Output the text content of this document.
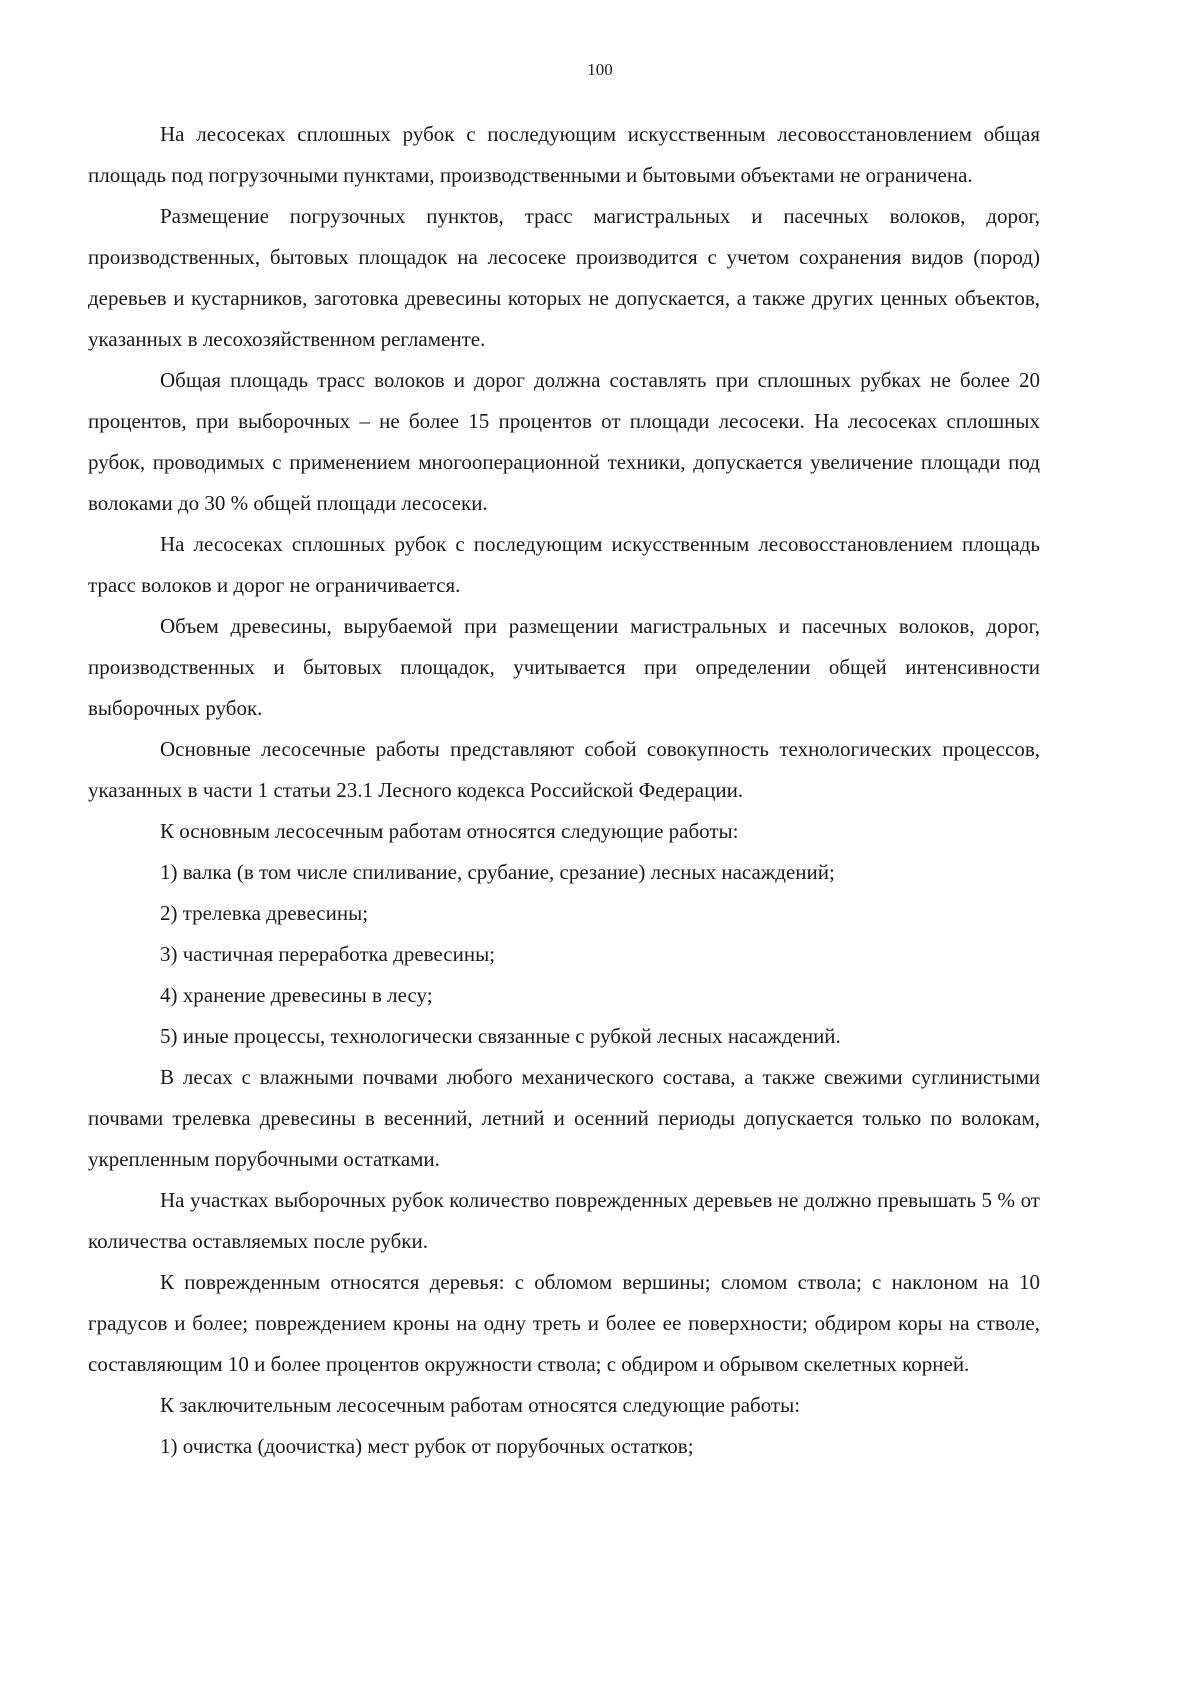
100

На лесосеках сплошных рубок с последующим искусственным лесовосстановлением общая площадь под погрузочными пунктами, производственными и бытовыми объектами не ограничена.

Размещение погрузочных пунктов, трасс магистральных и пасечных волоков, дорог, производственных, бытовых площадок на лесосеке производится с учетом сохранения видов (пород) деревьев и кустарников, заготовка древесины которых не допускается, а также других ценных объектов, указанных в лесохозяйственном регламенте.

Общая площадь трасс волоков и дорог должна составлять при сплошных рубках не более 20 процентов, при выборочных – не более 15 процентов от площади лесосеки. На лесосеках сплошных рубок, проводимых с применением многооперационной техники, допускается увеличение площади под волоками до 30 % общей площади лесосеки.

На лесосеках сплошных рубок с последующим искусственным лесовосстановлением площадь трасс волоков и дорог не ограничивается.

Объем древесины, вырубаемой при размещении магистральных и пасечных волоков, дорог, производственных и бытовых площадок, учитывается при определении общей интенсивности выборочных рубок.

Основные лесосечные работы представляют собой совокупность технологических процессов, указанных в части 1 статьи 23.1 Лесного кодекса Российской Федерации.

К основным лесосечным работам относятся следующие работы:

1) валка (в том числе спиливание, срубание, срезание) лесных насаждений;

2) трелевка древесины;

3) частичная переработка древесины;

4) хранение древесины в лесу;

5) иные процессы, технологически связанные с рубкой лесных насаждений.

В лесах с влажными почвами любого механического состава, а также свежими суглинистыми почвами трелевка древесины в весенний, летний и осенний периоды допускается только по волокам, укрепленным порубочными остатками.

На участках выборочных рубок количество поврежденных деревьев не должно превышать 5 % от количества оставляемых после рубки.

К поврежденным относятся деревья: с обломом вершины; сломом ствола; с наклоном на 10 градусов и более; повреждением кроны на одну треть и более ее поверхности; обдиром коры на стволе, составляющим 10 и более процентов окружности ствола; с обдиром и обрывом скелетных корней.

К заключительным лесосечным работам относятся следующие работы:

1) очистка (доочистка) мест рубок от порубочных остатков;
